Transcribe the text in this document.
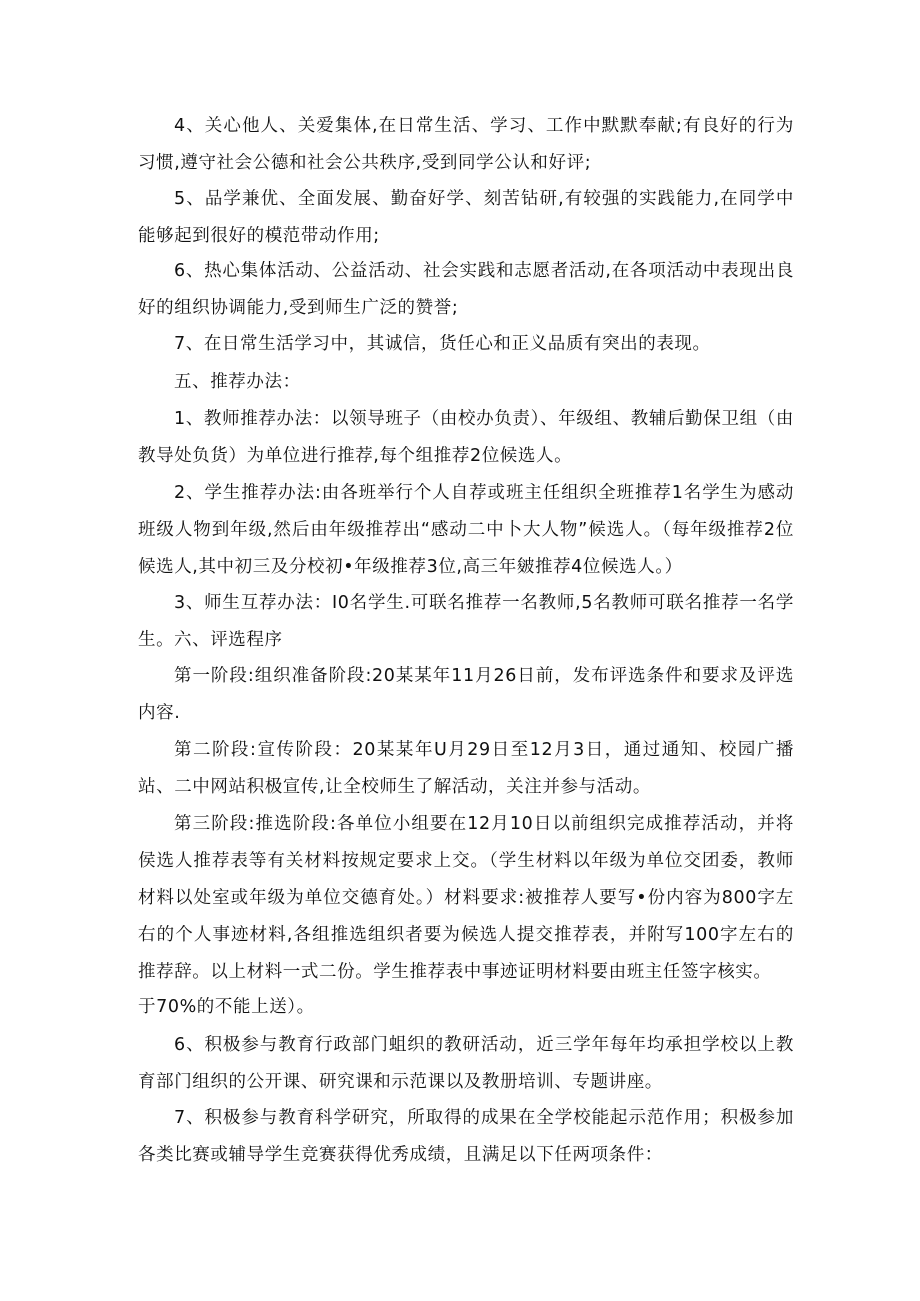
4、关心他人、关爱集体,在日常生活、学习、工作中默默奉献;有良好的行为习惯,遵守社会公德和社会公共秩序,受到同学公认和好评;

5、品学兼优、全面发展、勤奋好学、刻苦钻研,有较强的实践能力,在同学中能够起到很好的模范带动作用;

6、热心集体活动、公益活动、社会实践和志愿者活动,在各项活动中表现出良好的组织协调能力,受到师生广泛的赞誉;

7、在日常生活学习中，其诚信，货任心和正义品质有突出的表现。

五、推荐办法：

1、教师推荐办法：以领导班子（由校办负责）、年级组、教辅后勤保卫组（由教导处负货）为单位进行推荐,每个组推荐2位候选人。

2、学生推荐办法:由各班举行个人自荐或班主任组织全班推荐1名学生为感动班级人物到年级,然后由年级推荐出“感动二中卜大人物”候选人。（每年级推荐2位候选人,其中初三及分校初•年级推荐3位,高三年皴推荐4位候选人。）

3、师生互荐办法：I0名学生.可联名推荐一名教师,5名教师可联名推荐一名学生。 六、评选程序

第一阶段:组织准备阶段:20某某年11月26日前，发布评选条件和要求及评选内容.

第二阶段:宣传阶段：20某某年U月29日至12月3日，通过通知、校园广播站、二中网站积极宣传,让全校师生了解活动，关注并参与活动。

第三阶段:推选阶段:各单位小组要在12月10日以前组织完成推荐活动，并将侯选人推荐表等有关材料按规定要求上交。（学生材料以年级为单位交团委，教师材料以处室或年级为单位交德育处。）材料要求:被推荐人要写•份内容为800字左右的个人事迹材料,各组推选组织者要为候选人提交推荐表，并附写100字左右的推荐辞。以上材料一式二份。学生推荐表中事迹证明材料要由班主任签字核实。

于70%的不能上送）。

6、积极参与教育行政部门蛆织的教研活动，近三学年每年均承担学校以上教育部门组织的公开课、研究课和示范课以及教册培训、专题讲座。

7、积极参与教育科学研究，所取得的成果在全学校能起示范作用；积极参加各类比赛或辅导学生竞赛获得优秀成绩，且满足以下任两项条件：
